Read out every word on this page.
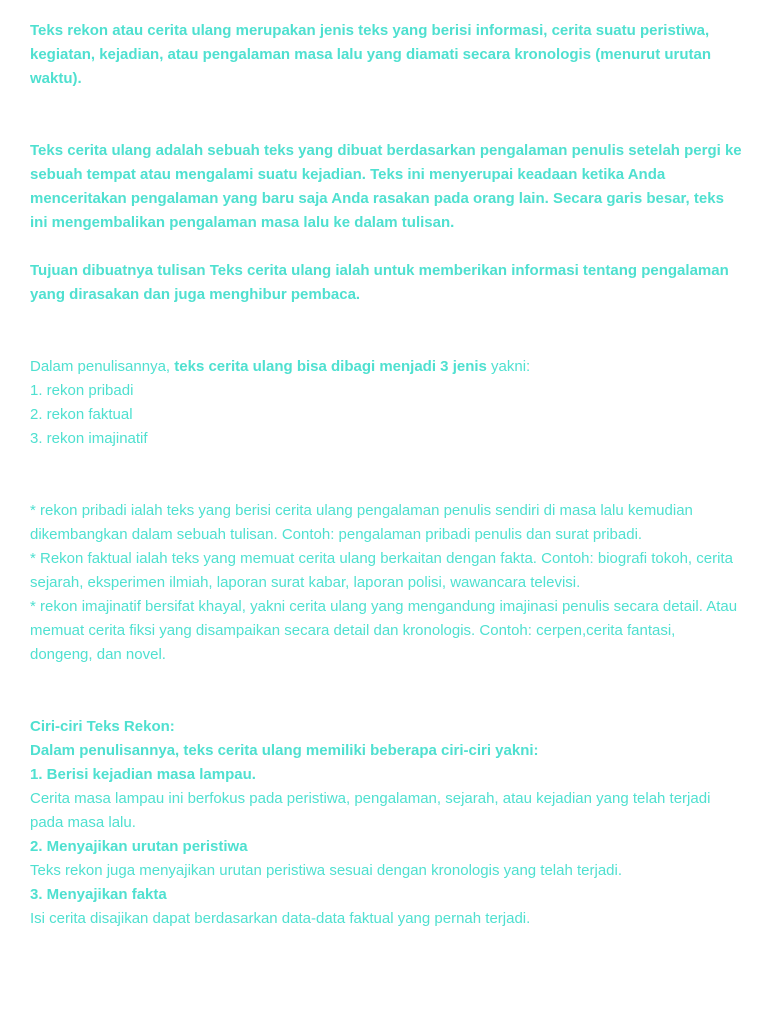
Teks rekon atau cerita ulang merupakan jenis teks yang berisi informasi, cerita suatu peristiwa, kegiatan, kejadian, atau pengalaman masa lalu yang diamati secara kronologis (menurut urutan waktu).

Teks cerita ulang adalah sebuah teks yang dibuat berdasarkan pengalaman penulis setelah pergi ke sebuah tempat atau mengalami suatu kejadian. Teks ini menyerupai keadaan ketika Anda menceritakan pengalaman yang baru saja Anda rasakan pada orang lain. Secara garis besar, teks ini mengembalikan pengalaman masa lalu ke dalam tulisan.

Tujuan dibuatnya tulisan Teks cerita ulang ialah untuk memberikan informasi tentang pengalaman yang dirasakan dan juga menghibur pembaca.

Dalam penulisannya, teks cerita ulang bisa dibagi menjadi 3 jenis yakni:
1. rekon pribadi
2. rekon faktual
3. rekon imajinatif

* rekon pribadi ialah teks yang berisi cerita ulang pengalaman penulis sendiri di masa lalu kemudian dikembangkan dalam sebuah tulisan. Contoh: pengalaman pribadi penulis dan surat pribadi.

* Rekon faktual ialah teks yang memuat cerita ulang berkaitan dengan fakta. Contoh: biografi tokoh, cerita sejarah, eksperimen ilmiah, laporan surat kabar, laporan polisi, wawancara televisi.

* rekon imajinatif bersifat khayal, yakni cerita ulang yang mengandung imajinasi penulis secara detail. Atau memuat cerita fiksi yang disampaikan secara detail dan kronologis. Contoh: cerpen,cerita fantasi, dongeng, dan novel.

Ciri-ciri Teks Rekon:
Dalam penulisannya, teks cerita ulang memiliki beberapa ciri-ciri yakni:
1. Berisi kejadian masa lampau.

Cerita masa lampau ini berfokus pada peristiwa, pengalaman, sejarah, atau kejadian yang telah terjadi pada masa lalu.

2. Menyajikan urutan peristiwa

Teks rekon juga menyajikan urutan peristiwa sesuai dengan kronologis yang telah terjadi.

3. Menyajikan fakta

Isi cerita disajikan dapat berdasarkan data-data faktual yang pernah terjadi.
